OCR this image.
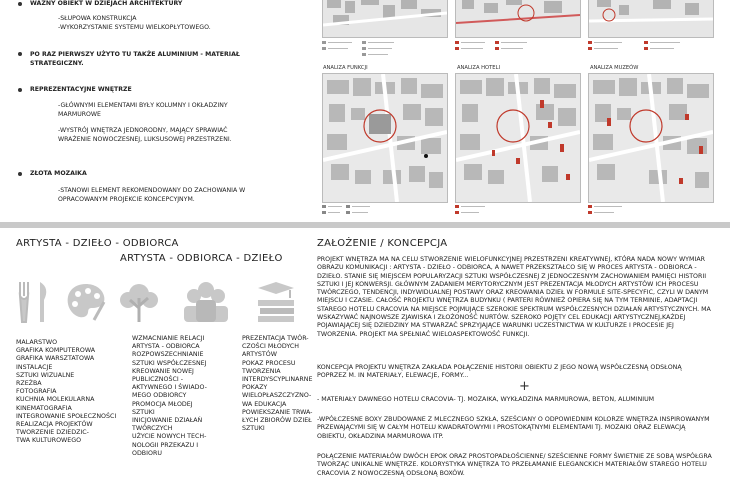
WAŻNY OBIEKT W DZIEJACH ARCHITEKTURY
-SŁUPOWA KONSTRUKCJA
-WYKORZYSTANIE SYSTEMU WIELKOPŁYTOWEGO.
PO RAZ PIERWSZY UŻYTO TU TAKŻE ALUMINIUM - MATERIAŁ STRATEGICZNY.
REPREZENTACYJNE WNĘTRZE
-GŁÓWNYMI ELEMENTAMI BYŁY KOLUMNY I OKŁADZINY MARMUROWE
-WYSTRÓJ WNĘTRZA JEDNORODNY, MAJĄCY SPRAWIAĆ WRAŻENIE NOWOCZESNEJ, LUKSUSOWEJ PRZESTRZENI.
ZŁOTA MOZAIKA
-STANOWI ELEMENT REKOMENDOWANY DO ZACHOWANIA W OPRACOWANYM PROJEKCIE KONCEPCYJNYM.
ANALIZA FUNKCJI	ANALIZA HOTELI	ANALIZA MUZEÓW
ARTYSTA - DZIEŁO - ODBIORCA
ARTYSTA - ODBIORCA - DZIEŁO
MALARSTWO
GRAFIKA KOMPUTEROWA
GRAFIKA WARSZTATOWA
INSTALACJE
SZTUKI WIZUALNE
RZEŹBA
FOTOGRAFIA
KUCHNIA MOLEKULARNA
KINEMATOGRAFIA
INTEGROWANIE SPOŁECZNOŚCI
REALIZACJA PROJEKTÓW
TWORZENIE DZIEDZIC-
TWA KULTUROWEGO
WZMACNIANIE RELACJI
ARTYSTA - ODBIORCA
ROZPOWSZECHNIANIE
SZTUKI WSPÓŁCZESNEJ
KREOWANIE NOWEJ
PUBLICZNOŚCI -
AKTYWNEGO I ŚWIADO-
MEGO ODBIORCY
PROMOCJA MŁODEJ
SZTUKI
INICJOWANIE DZIAŁAŃ
TWÓRCZYCH
UŻYCIE NOWYCH TECH-
NOLOGII PRZEKAZU I
ODBIORU
PREZENTACJA TWÓR-
CZOŚCI MŁODYCH
ARTYSTÓW
POKAZ PROCESU
TWORZENIA
INTERDYSCYPLINARNE
POKAZY
WIELOPŁASZCZYZNO-
WA EDUKACJA
POWIEKSZANIE TRWA-
ŁYCH ZBIORÓW DZIEŁ
SZTUKI
ZAŁOŻENIE / KONCEPCJA
PROJEKT WNĘTRZA MA NA CELU STWORZENIE WIELOFUNKCYJNEJ PRZESTRZENI KREATYWNEJ, KTÓRA NADA NOWY WYMIAR OBRAZU KOMUNIKACJI : ARTYSTA - DZIEŁO - ODBIORCA, A NAWET PRZEKSZTAŁCO SIĘ W PROCES ARTYSTA - ODBIORCA - DZIEŁO. STANIE SIĘ MIEJSCEM POPULARYZACJI SZTUKI WSPÓŁCZESNEJ Z JEDNOCZESNYM ZACHOWANIEM PAMIĘCI HISTORII SZTUKI I JEJ KONWERSJI. GŁÓWNYM ZADANIEM MERYTORYCZNYM JEST PREZENTACJA MŁODYCH ARTYSTÓW ICH PROCESU TWÓRCZEGO, TENDENCJI, INDYWIDUALNEJ POSTAWY ORAZ KREOWANIA DZIEŁ W FORMULE SITE-SPECYFIC, CZYLI W DANYM MIEJSCU I CZASIE. CAŁOŚĆ PROJEKTU WNĘTRZA BUDYNKU ( PARTERI RÓWNIEŻ OPIERA SIĘ NA TYM TERMINIE, ADAPTACJI STAREGO HOTELU CRACOVIA NA MIEJSCE POJMUJĄCE SZEROKIE SPEKTRUM WSPÓŁCZESNYCH DZIAŁAŃ ARTYSTYCZNYCH. MA WSKAZYWAĆ NAJNOWSZE ZJAWISKA I ZŁOŻONOŚĆ NURTÓW. SZEROKO POJĘTY CEL EDUKACJI ARTYSTYCZNEJ,KAŻDEJ POJAWIAJĄCEJ SIĘ DZIEDZINY MA STWARZAĆ SPRZYJAJĄCE WARUNKI UCZESTNICTWA W KULTURZE I PROCESIE JEJ TWORZENIA. PROJEKT MA SPEŁNIAĆ WIELOASPEKTOWOŚĆ FUNKCJI.
KONCEPCJA PROJEKTU WNĘTRZA ZAKŁADA POŁĄCZENIE HISTORII OBIEKTU Z JEGO NOWĄ WSPÓŁCZESNĄ ODSŁONĄ POPRZEZ M. IN MATERIAŁY, ELEWACJE, FORMY...
+
- MATERIAŁY DAWNEGO HOTELU CRACOVIA- TJ. MOZAIKA, WYKŁADZINA MARMUROWA, BETON, ALUMINIUM
-WPÓŁCZESNE BOXY ZBUDOWANE Z MLECZNEGO SZKŁA, SZEŚCIANY O ODPOWIEDNIM KOLORZE WNĘTRZA INSPIROWANYM PRZEWAJĄCYMI SIĘ W CAŁYM HOTELU KWADRATOWYMI I PROSTOKĄTNYMI ELEMENTAMI TJ. MOZAIKI ORAZ ELEWACJĄ OBIEKTU, OKŁADZINA MARMUROWA ITP.
POŁĄCZENIE MATERIAŁÓW DWÓCH EPOK ORAZ PROSTOPADŁOŚCIENNE/ SZEŚCIENNE FORMY ŚWIETNIE ZE SOBĄ WSPÓŁGRA TWORZĄC UNIKALNE WNĘTRZE. KOLORYSTYKA WNĘTRZA TO PRZEŁAMANIE ELEGANCKICH MATERIAŁÓW STAREGO HOTELU CRACOVIA Z NOWOCZESNĄ ODSŁONĄ BOXÓW.
